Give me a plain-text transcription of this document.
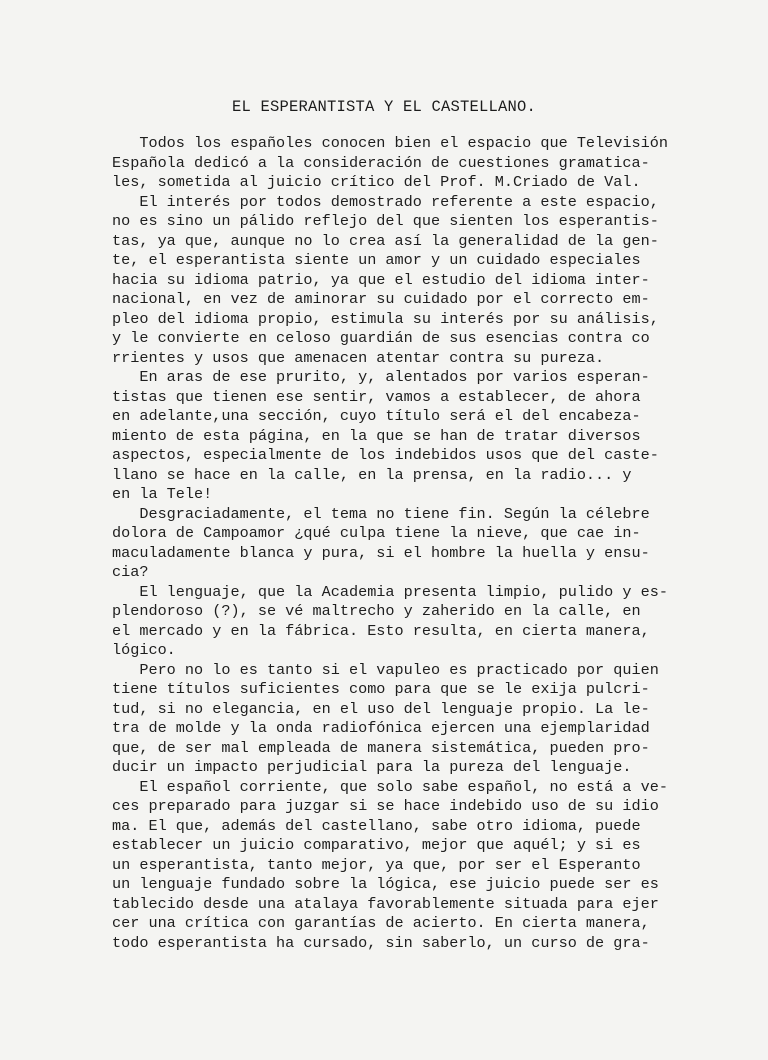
EL ESPERANTISTA Y EL CASTELLANO.
Todos los españoles conocen bien el espacio que Televisión
Española dedicó a la consideración de cuestiones gramatica-
les, sometida al juicio crítico del Prof. M.Criado de Val.
El interés por todos demostrado referente a este espacio,
no es sino un pálido reflejo del que sienten los esperantis-
tas, ya que, aunque no lo crea así la generalidad de la gen-
te, el esperantista siente un amor y un cuidado especiales
hacia su idioma patrio, ya que el estudio del idioma inter-
nacional, en vez de aminorar su cuidado por el correcto em-
pleo del idioma propio, estimula su interés por su análisis,
y le convierte en celoso guardián de sus esencias contra co
rrientes y usos que amenacen atentar contra su pureza.
En aras de ese prurito, y, alentados por varios esperan-
tistas que tienen ese sentir, vamos a establecer, de ahora
en adelante,una sección, cuyo título será el del encabeza-
miento de esta página, en la que se han de tratar diversos
aspectos, especialmente de los indebidos usos que del caste-
llano se hace en la calle, en la prensa, en la radio... y
en la Tele!
Desgraciadamente, el tema no tiene fin. Según la célebre
dolora de Campoamor ¿qué culpa tiene la nieve, que cae in-
maculadamente blanca y pura, si el hombre la huella y ensu-
cia?
El lenguaje, que la Academia presenta limpio, pulido y es-
plendoroso (?), se vé maltrecho y zaherido en la calle, en
el mercado y en la fábrica. Esto resulta, en cierta manera,
lógico.
Pero no lo es tanto si el vapuleo es practicado por quien
tiene títulos suficientes como para que se le exija pulcri-
tud, si no elegancia, en el uso del lenguaje propio. La le-
tra de molde y la onda radiofónica ejercen una ejemplaridad
que, de ser mal empleada de manera sistemática, pueden pro-
ducir un impacto perjudicial para la pureza del lenguaje.
El español corriente, que solo sabe español, no está a ve-
ces preparado para juzgar si se hace indebido uso de su idio
ma. El que, además del castellano, sabe otro idioma, puede
establecer un juicio comparativo, mejor que aquél; y si es
un esperantista, tanto mejor, ya que, por ser el Esperanto
un lenguaje fundado sobre la lógica, ese juicio puede ser es
tablecido desde una atalaya favorablemente situada para ejer
cer una crítica con garantías de acierto. En cierta manera,
todo esperantista ha cursado, sin saberlo, un curso de gra-
